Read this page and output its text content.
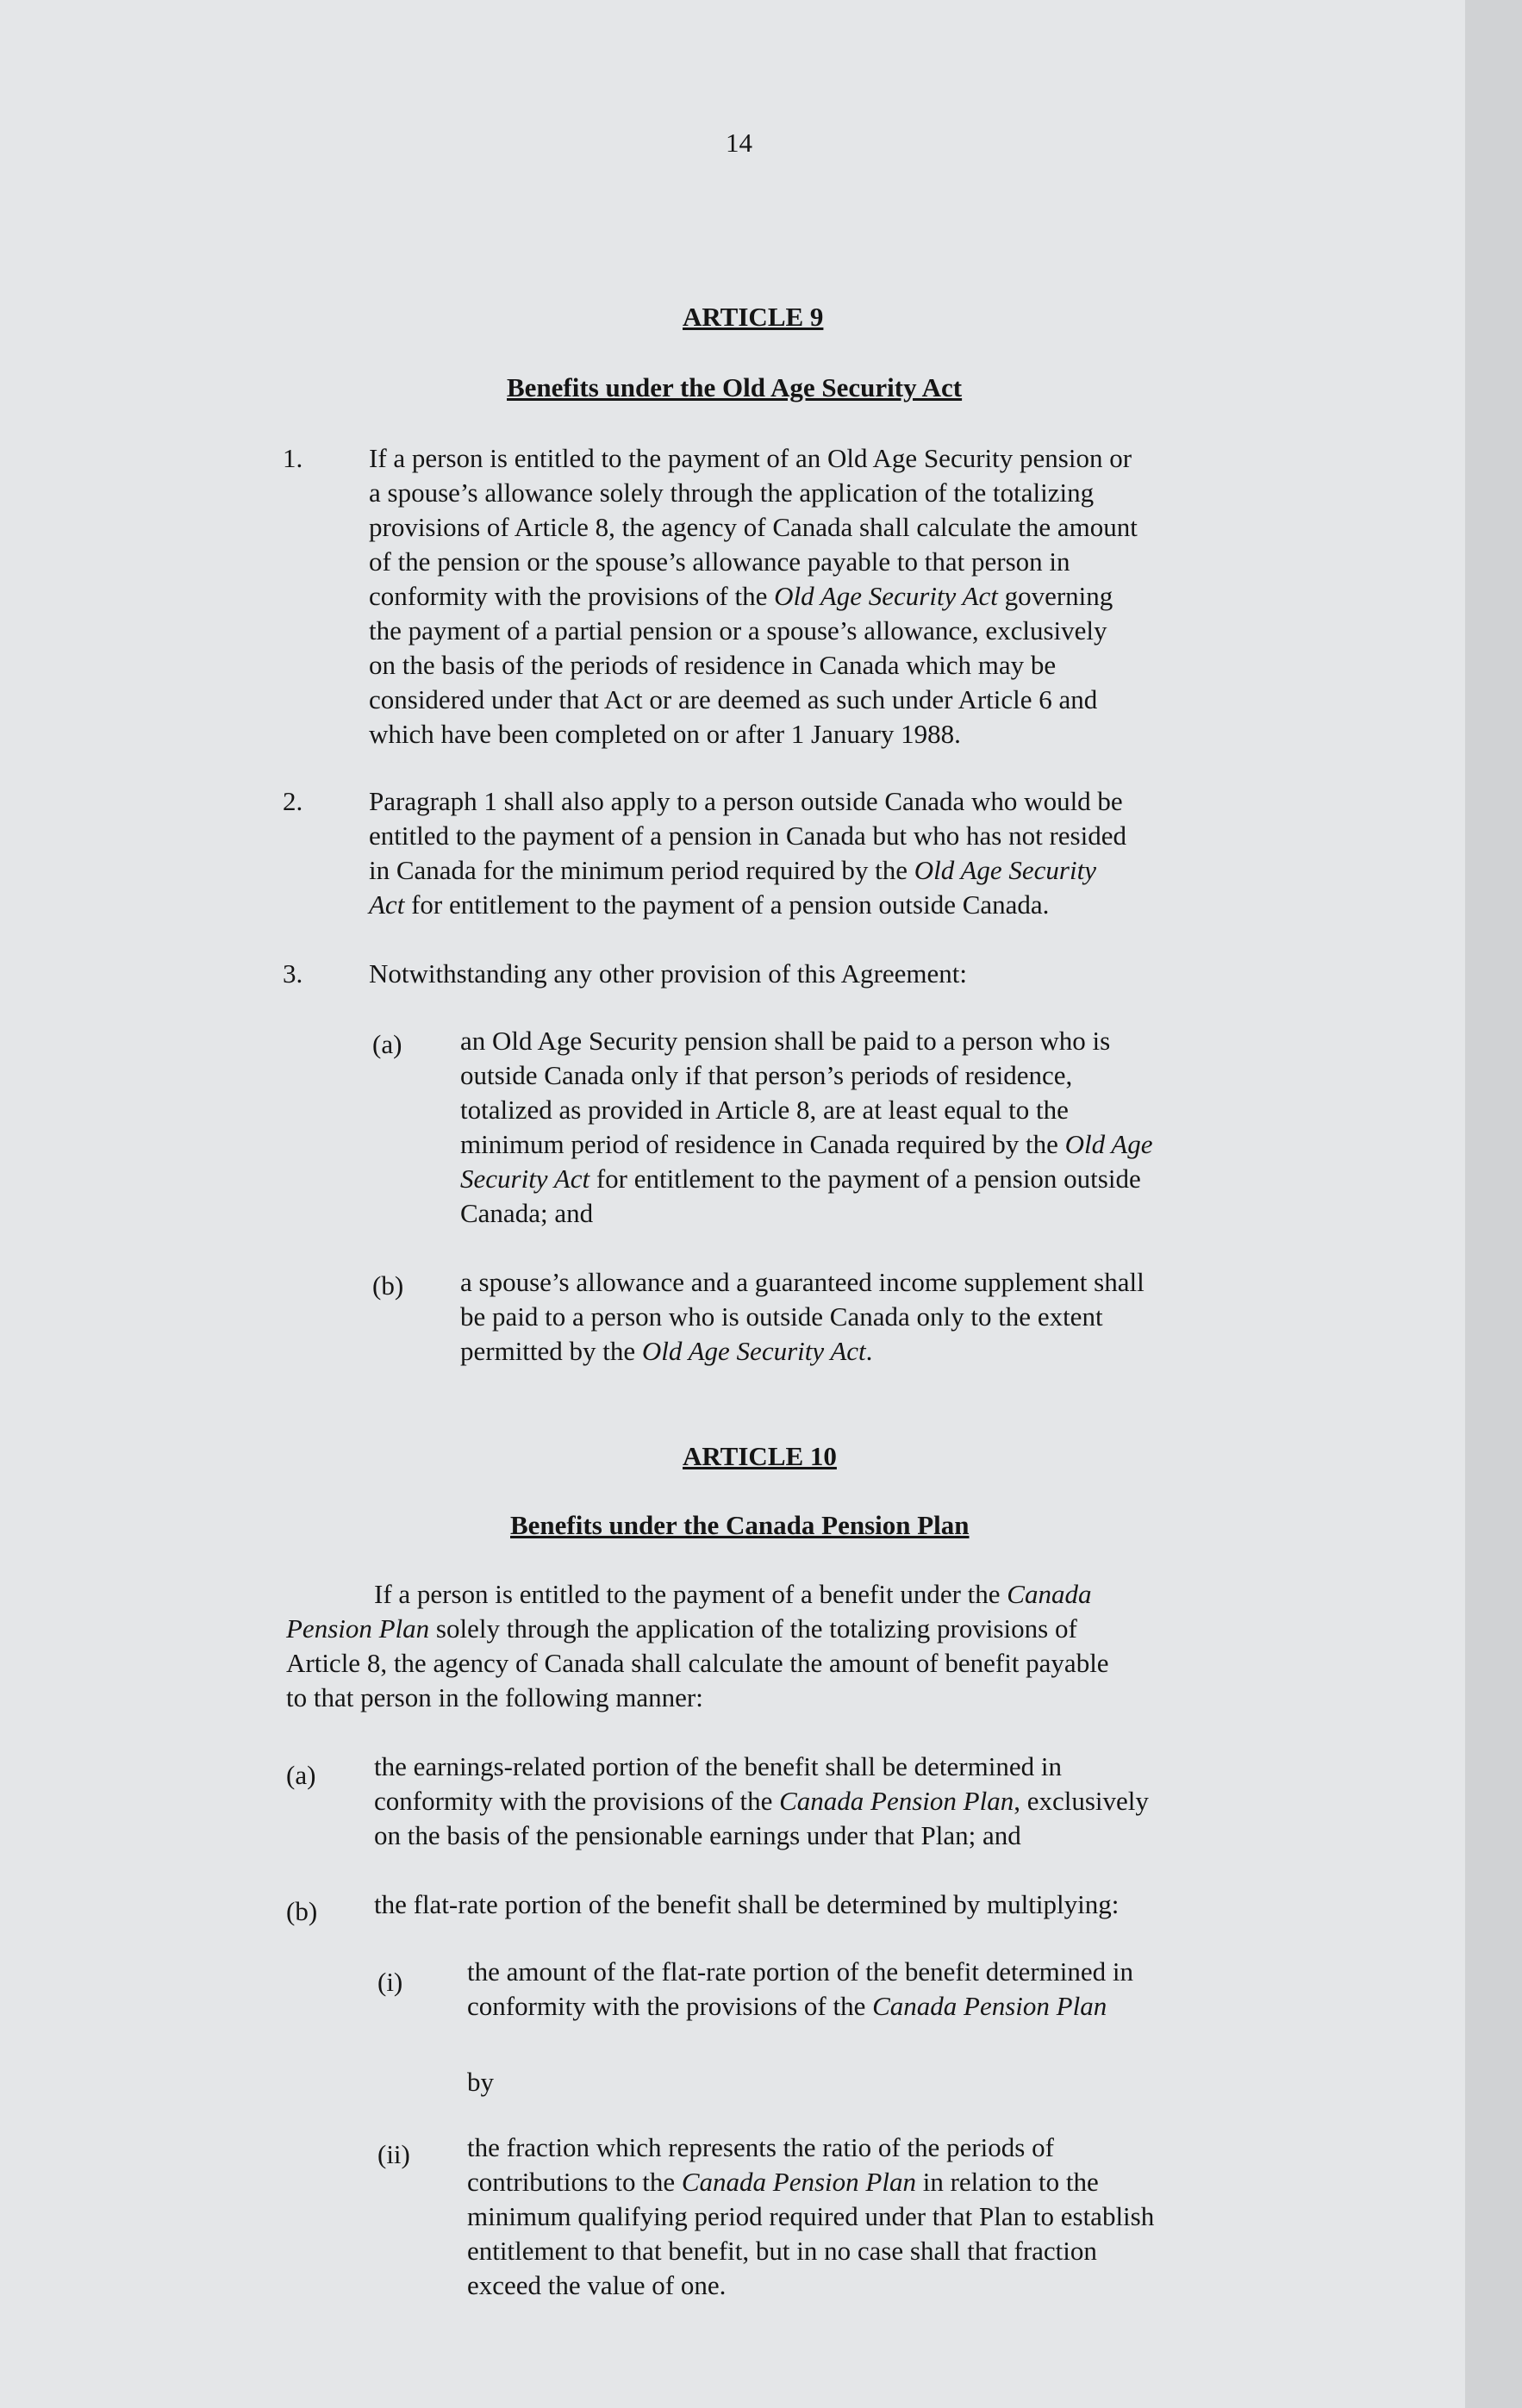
14
ARTICLE 9
Benefits under the Old Age Security Act
1. If a person is entitled to the payment of an Old Age Security pension or
a spouse’s allowance solely through the application of the totalizing
provisions of Article 8, the agency of Canada shall calculate the amount
of the pension or the spouse’s allowance payable to that person in
conformity with the provisions of the Old Age Security Act governing
the payment of a partial pension or a spouse’s allowance, exclusively
on the basis of the periods of residence in Canada which may be
considered under that Act or are deemed as such under Article 6 and
which have been completed on or after 1 January 1988.
2. Paragraph 1 shall also apply to a person outside Canada who would be
entitled to the payment of a pension in Canada but who has not resided
in Canada for the minimum period required by the Old Age Security
Act for entitlement to the payment of a pension outside Canada.
3. Notwithstanding any other provision of this Agreement:
(a) an Old Age Security pension shall be paid to a person who is
outside Canada only if that person’s periods of residence,
totalized as provided in Article 8, are at least equal to the
minimum period of residence in Canada required by the Old Age
Security Act for entitlement to the payment of a pension outside
Canada; and
(b) a spouse’s allowance and a guaranteed income supplement shall
be paid to a person who is outside Canada only to the extent
permitted by the Old Age Security Act.
ARTICLE 10
Benefits under the Canada Pension Plan
If a person is entitled to the payment of a benefit under the Canada
Pension Plan solely through the application of the totalizing provisions of
Article 8, the agency of Canada shall calculate the amount of benefit payable
to that person in the following manner:
(a) the earnings-related portion of the benefit shall be determined in
conformity with the provisions of the Canada Pension Plan, exclusively
on the basis of the pensionable earnings under that Plan; and
(b) the flat-rate portion of the benefit shall be determined by multiplying:
(i) the amount of the flat-rate portion of the benefit determined in
conformity with the provisions of the Canada Pension Plan
by
(ii) the fraction which represents the ratio of the periods of
contributions to the Canada Pension Plan in relation to the
minimum qualifying period required under that Plan to establish
entitlement to that benefit, but in no case shall that fraction
exceed the value of one.
